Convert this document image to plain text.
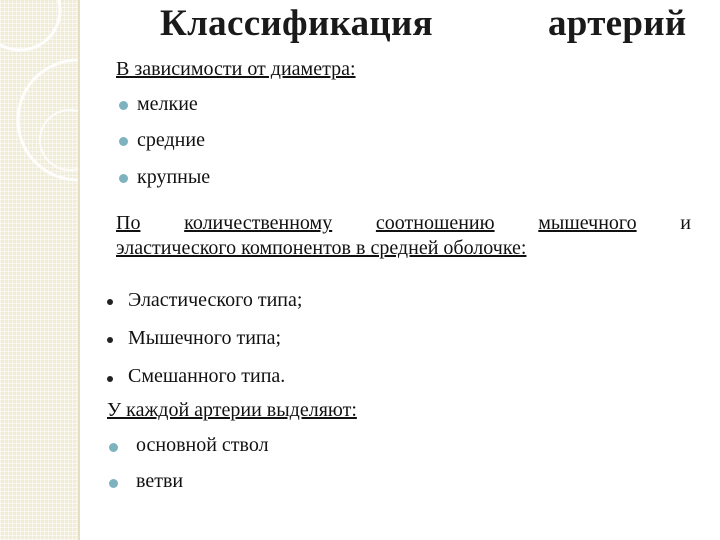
Классификация	артерий
В зависимости от диаметра:
мелкие
средние
крупные
По количественному соотношению мышечного и
эластического компонентов в средней оболочке:
Эластического типа;
Мышечного типа;
Смешанного типа.
У каждой артерии выделяют:
основной ствол
ветви
